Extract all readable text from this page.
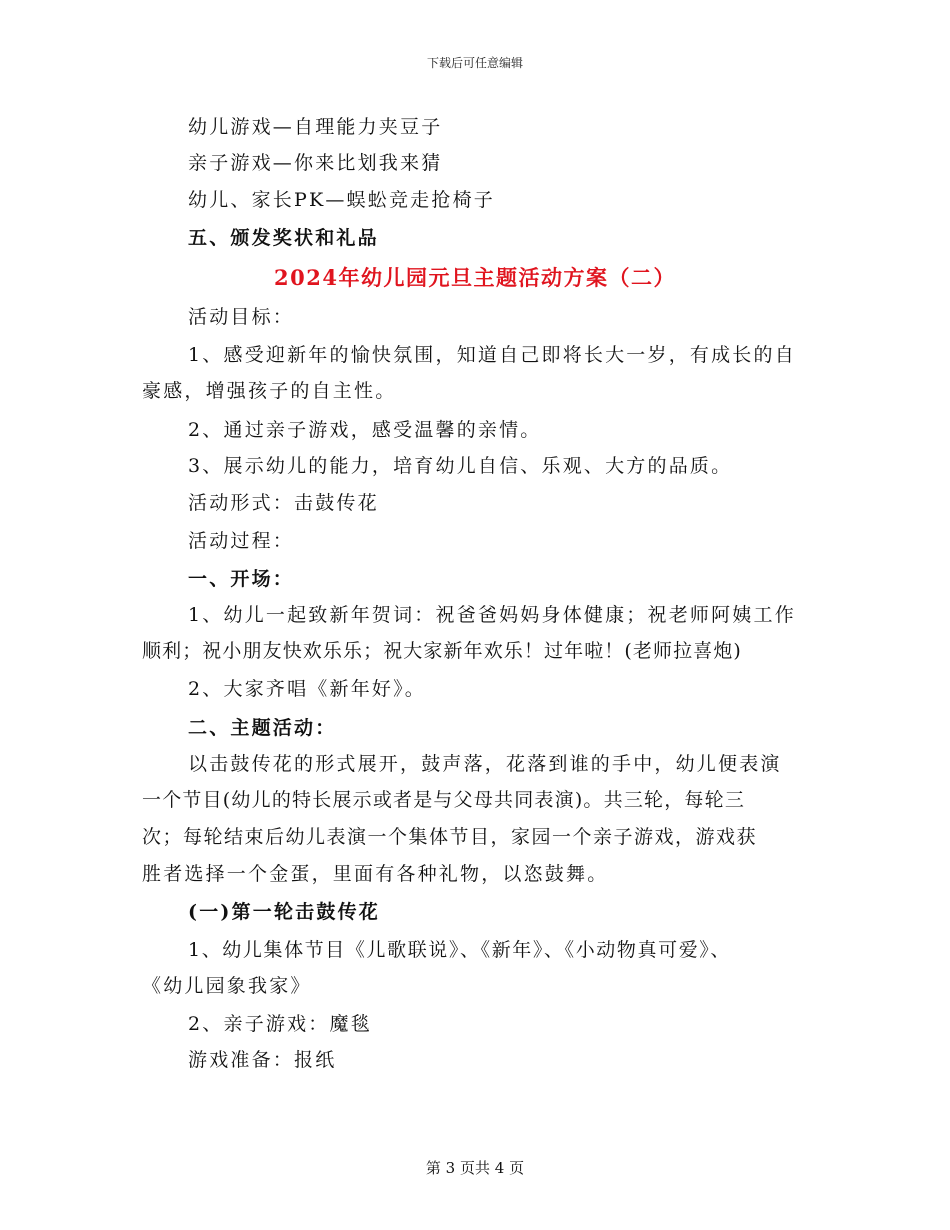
下载后可任意编辑
幼儿游戏—自理能力夹豆子
亲子游戏—你来比划我来猜
幼儿、家长PK—蜈蚣竞走抢椅子
五、颁发奖状和礼品
2024年幼儿园元旦主题活动方案（二）
活动目标：
1、感受迎新年的愉快氛围，知道自己即将长大一岁，有成长的自
豪感，增强孩子的自主性。
2、通过亲子游戏，感受温馨的亲情。
3、展示幼儿的能力，培育幼儿自信、乐观、大方的品质。
活动形式：击鼓传花
活动过程：
一、开场：
1、幼儿一起致新年贺词：祝爸爸妈妈身体健康；祝老师阿姨工作
顺利；祝小朋友快欢乐乐；祝大家新年欢乐！过年啦！(老师拉喜炮)
2、大家齐唱《新年好》。
二、主题活动：
以击鼓传花的形式展开，鼓声落，花落到谁的手中，幼儿便表演
一个节目(幼儿的特长展示或者是与父母共同表演)。共三轮，每轮三
次；每轮结束后幼儿表演一个集体节目，家园一个亲子游戏，游戏获
胜者选择一个金蛋，里面有各种礼物，以恣鼓舞。
(一)第一轮击鼓传花
1、幼儿集体节目《儿歌联说》、《新年》、《小动物真可爱》、
《幼儿园象我家》
2、亲子游戏：魔毯
游戏准备：报纸
第 3 页共 4 页
